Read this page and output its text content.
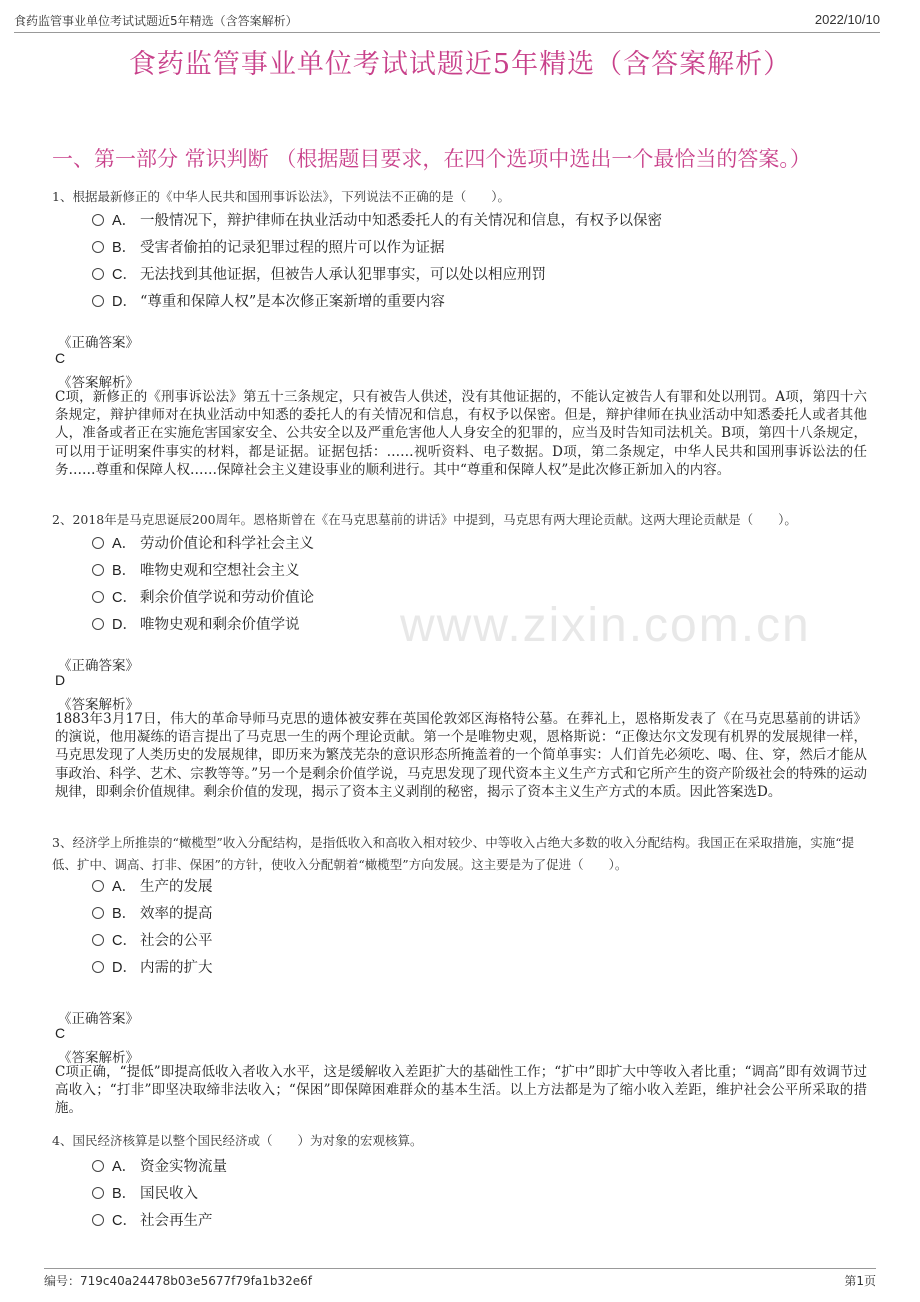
食药监管事业单位考试试题近5年精选（含答案解析）	2022/10/10
食药监管事业单位考试试题近5年精选（含答案解析）
一、第一部分 常识判断 （根据题目要求，在四个选项中选出一个最恰当的答案。）
www.zixin.com.cn
1、根据最新修正的《中华人民共和国刑事诉讼法》，下列说法不正确的是（　　）。
A． 一般情况下，辩护律师在执业活动中知悉委托人的有关情况和信息，有权予以保密
B． 受害者偷拍的记录犯罪过程的照片可以作为证据
C． 无法找到其他证据，但被告人承认犯罪事实，可以处以相应刑罚
D． “尊重和保障人权”是本次修正案新增的重要内容
《正确答案》
C
《答案解析》
C项，新修正的《刑事诉讼法》第五十三条规定，只有被告人供述，没有其他证据的，不能认定被告人有罪和处以刑罚。A项，第四十六条规定，辩护律师对在执业活动中知悉的委托人的有关情况和信息，有权予以保密。但是，辩护律师在执业活动中知悉委托人或者其他人，准备或者正在实施危害国家安全、公共安全以及严重危害他人人身安全的犯罪的，应当及时告知司法机关。B项，第四十八条规定，可以用于证明案件事实的材料，都是证据。证据包括：……视听资料、电子数据。D项，第二条规定，中华人民共和国刑事诉讼法的任务……尊重和保障人权……保障社会主义建设事业的顺利进行。其中“尊重和保障人权”是此次修正新加入的内容。
2、2018年是马克思诞辰200周年。恩格斯曾在《在马克思墓前的讲话》中提到，马克思有两大理论贡献。这两大理论贡献是（　　）。
A． 劳动价值论和科学社会主义
B． 唯物史观和空想社会主义
C． 剩余价值学说和劳动价值论
D． 唯物史观和剩余价值学说
《正确答案》
D
《答案解析》
1883年3月17日，伟大的革命导师马克思的遗体被安葬在英国伦敦郊区海格特公墓。在葬礼上，恩格斯发表了《在马克思墓前的讲话》的演说，他用凝练的语言提出了马克思一生的两个理论贡献。第一个是唯物史观，恩格斯说：“正像达尔文发现有机界的发展规律一样，马克思发现了人类历史的发展规律，即历来为繁茂芜杂的意识形态所掩盖着的一个简单事实：人们首先必须吃、喝、住、穿，然后才能从事政治、科学、艺术、宗教等等。”另一个是剩余价值学说，马克思发现了现代资本主义生产方式和它所产生的资产阶级社会的特殊的运动规律，即剩余价值规律。剩余价值的发现，揭示了资本主义剥削的秘密，揭示了资本主义生产方式的本质。因此答案选D。
3、经济学上所推崇的“橄榄型”收入分配结构，是指低收入和高收入相对较少、中等收入占绝大多数的收入分配结构。我国正在采取措施，实施“提低、扩中、调高、打非、保困”的方针，使收入分配朝着“橄榄型”方向发展。这主要是为了促进（　　）。
A． 生产的发展
B． 效率的提高
C． 社会的公平
D． 内需的扩大
《正确答案》
C
《答案解析》
C项正确，“提低”即提高低收入者收入水平，这是缓解收入差距扩大的基础性工作；“扩中”即扩大中等收入者比重；“调高”即有效调节过高收入；“打非”即坚决取缔非法收入；“保困”即保障困难群众的基本生活。以上方法都是为了缩小收入差距，维护社会公平所采取的措施。
4、国民经济核算是以整个国民经济或（　　）为对象的宏观核算。
A． 资金实物流量
B． 国民收入
C． 社会再生产
编号：719c40a24478b03e5677f79fa1b32e6f	第1页
